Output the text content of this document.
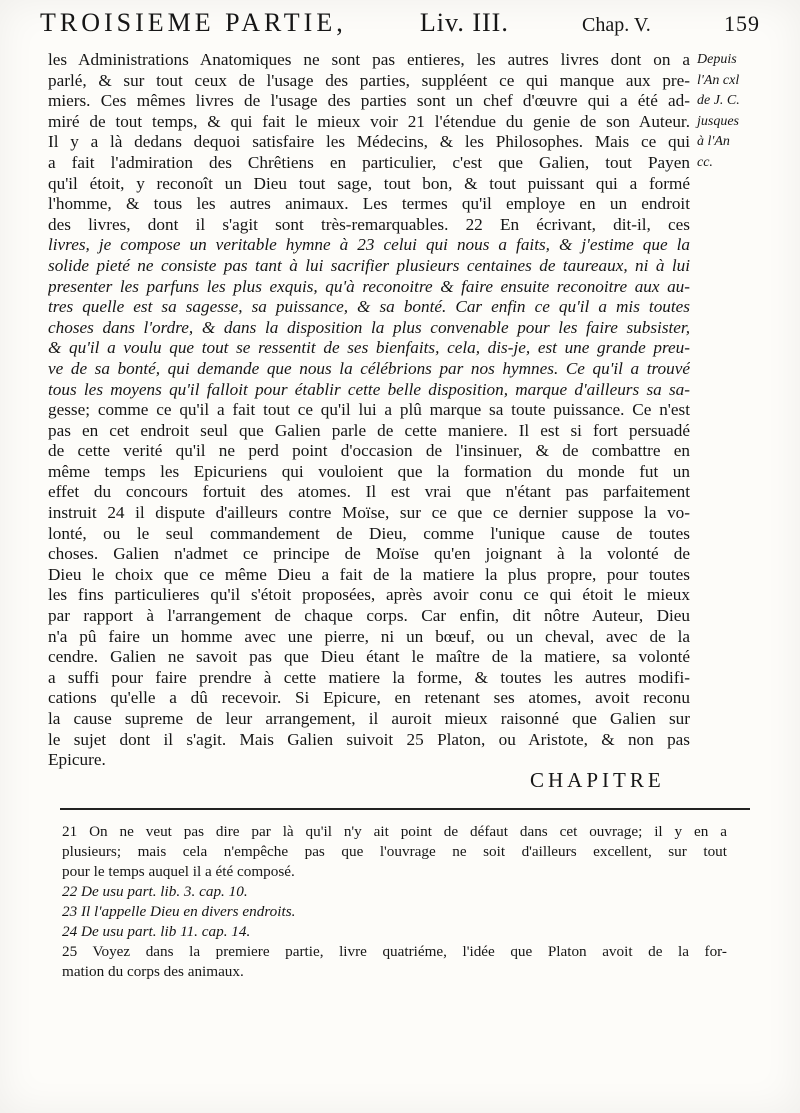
TROISIEME PARTIE,	Liv. III.	Chap. V.	159
les Administrations Anatomiques ne sont pas entieres, les autres livres dont on a
parlé, & sur tout ceux de l'usage des parties, suppléent ce qui manque aux pre-
miers. Ces mêmes livres de l'usage des parties sont un chef d'œuvre qui a été ad-
miré de tout temps, & qui fait le mieux voir 21 l'étendue du genie de son Auteur.
Il y a là dedans dequoi satisfaire les Médecins, & les Philosophes. Mais ce qui
a fait l'admiration des Chrêtiens en particulier, c'est que Galien, tout Payen
qu'il étoit, y reconoît un Dieu tout sage, tout bon, & tout puissant qui a formé
l'homme, & tous les autres animaux. Les termes qu'il employe en un endroit
des livres, dont il s'agit sont très-remarquables. 22 En écrivant, dit-il, ces
livres, je compose un veritable hymne à 23 celui qui nous a faits, & j'estime que la
solide pieté ne consiste pas tant à lui sacrifier plusieurs centaines de taureaux, ni à lui
presenter les parfuns les plus exquis, qu'à reconoitre & faire ensuite reconoitre aux au-
tres quelle est sa sagesse, sa puissance, & sa bonté. Car enfin ce qu'il a mis toutes
choses dans l'ordre, & dans la disposition la plus convenable pour les faire subsister,
& qu'il a voulu que tout se ressentit de ses bienfaits, cela, dis-je, est une grande preu-
ve de sa bonté, qui demande que nous la célébrions par nos hymnes. Ce qu'il a trouvé
tous les moyens qu'il falloit pour établir cette belle disposition, marque d'ailleurs sa sa-
gesse; comme ce qu'il a fait tout ce qu'il lui a plû marque sa toute puissance. Ce n'est
pas en cet endroit seul que Galien parle de cette maniere. Il est si fort persuadé
de cette verité qu'il ne perd point d'occasion de l'insinuer, & de combattre en
même temps les Epicuriens qui vouloient que la formation du monde fut un
effet du concours fortuit des atomes. Il est vrai que n'étant pas parfaitement
instruit 24 il dispute d'ailleurs contre Moïse, sur ce que ce dernier suppose la vo-
lonté, ou le seul commandement de Dieu, comme l'unique cause de toutes
choses. Galien n'admet ce principe de Moïse qu'en joignant à la volonté de
Dieu le choix que ce même Dieu a fait de la matiere la plus propre, pour toutes
les fins particulieres qu'il s'étoit proposées, après avoir conu ce qui étoit le mieux
par rapport à l'arrangement de chaque corps. Car enfin, dit nôtre Auteur, Dieu
n'a pû faire un homme avec une pierre, ni un bœuf, ou un cheval, avec de la
cendre. Galien ne savoit pas que Dieu étant le maître de la matiere, sa volonté
a suffi pour faire prendre à cette matiere la forme, & toutes les autres modifi-
cations qu'elle a dû recevoir. Si Epicure, en retenant ses atomes, avoit reconu
la cause supreme de leur arrangement, il auroit mieux raisonné que Galien sur
le sujet dont il s'agit. Mais Galien suivoit 25 Platon, ou Aristote, & non pas
Epicure.
Depuis
l'An cxl
de J. C.
jusques
à l'An
cc.
CHAPITRE
21 On ne veut pas dire par là qu'il n'y ait point de défaut dans cet ouvrage; il y en a
plusieurs; mais cela n'empêche pas que l'ouvrage ne soit d'ailleurs excellent, sur tout
pour le temps auquel il a été composé.
22 De usu part. lib. 3. cap. 10.
23 Il l'appelle Dieu en divers endroits.
24 De usu part. lib 11. cap. 14.
25 Voyez dans la premiere partie, livre quatriéme, l'idée que Platon avoit de la for-
mation du corps des animaux.
